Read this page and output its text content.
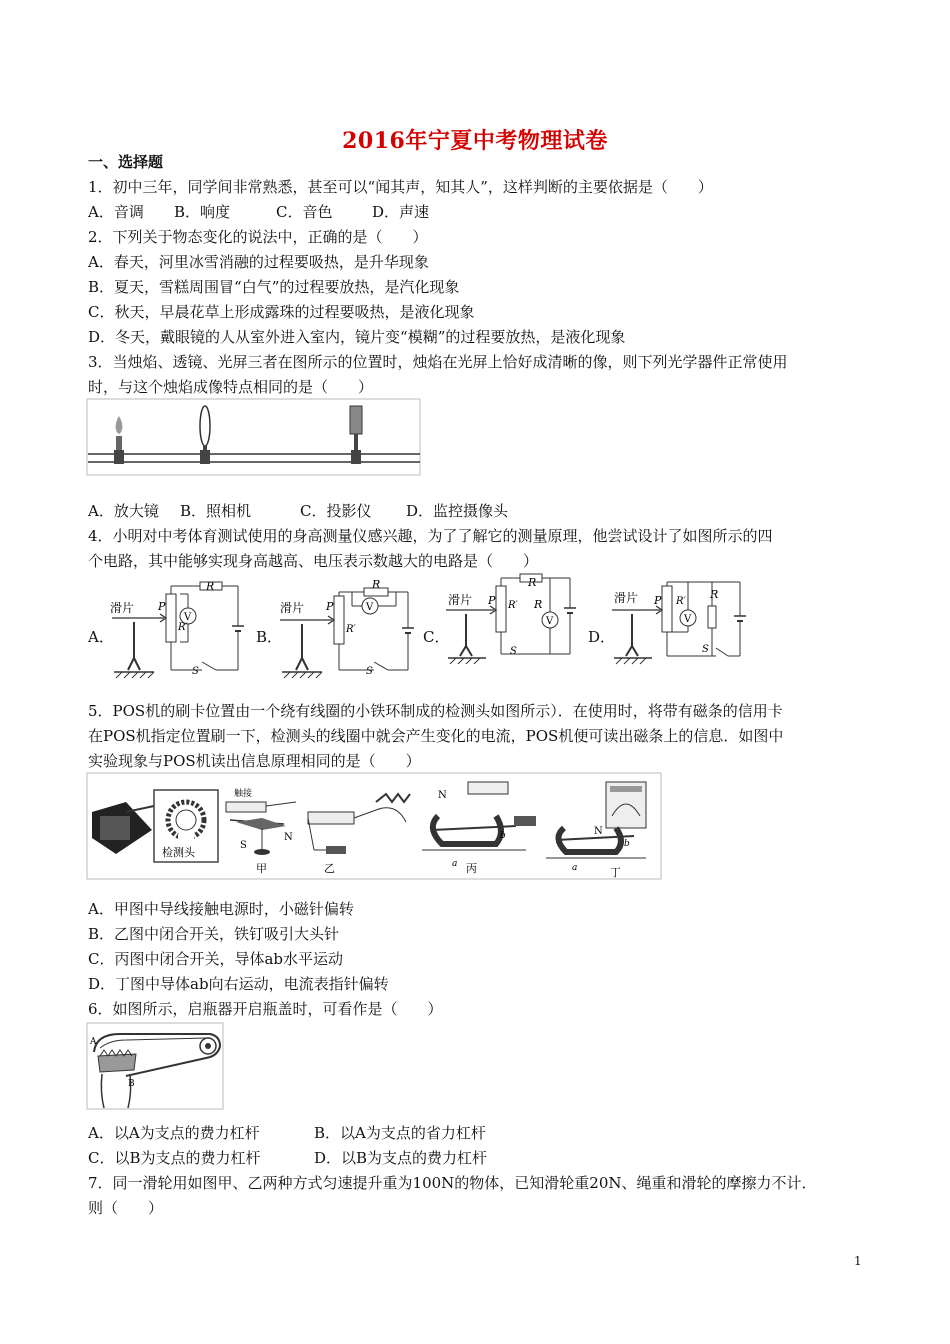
2016年宁夏中考物理试卷
一、选择题
1．初中三年，同学间非常熟悉，甚至可以“闻其声，知其人”，这样判断的主要依据是（　　）
A．音调 B．响度	C．音色	D．声速
2．下列关于物态变化的说法中，正确的是（　　）
A．春天，河里冰雪消融的过程要吸热，是升华现象
B．夏天，雪糕周围冒“白气”的过程要放热，是汽化现象
C．秋天，早晨花草上形成露珠的过程要吸热，是液化现象
D．冬天，戴眼镜的人从室外进入室内，镜片变“模糊”的过程要放热，是液化现象
3．当烛焰、透镜、光屏三者在图所示的位置时，烛焰在光屏上恰好成清晰的像，则下列光学器件正常使用
时，与这个烛焰成像特点相同的是（　　）
A．放大镜 B．照相机	C．投影仪 D．监控摄像头
4．小明对中考体育测试使用的身高测量仪感兴趣，为了了解它的测量原理，他尝试设计了如图所示的四
个电路，其中能够实现身高越高、电压表示数越大的电路是（　　）
A．	B．	C．	D．
滑片 P
R
R′
S
V
滑片 P
R
R′
S
V
滑片 P
R
R′
S
R
V
滑片 P R′
R
S
V
5．POS机的刷卡位置由一个绕有线圈的小铁环制成的检测头如图所示）．在使用时，将带有磁条的信用卡
在POS机指定位置刷一下，检测头的线圈中就会产生变化的电流，POS机便可读出磁条上的信息．如图中
实验现象与POS机读出信息原理相同的是（　　）
检测头
触接
S
N
甲	乙
N
a
b
丙
N
a
b
丁
A．甲图中导线接触电源时，小磁针偏转
B．乙图中闭合开关，铁钉吸引大头针
C．丙图中闭合开关，导体ab水平运动
D．丁图中导体ab向右运动，电流表指针偏转
6．如图所示，启瓶器开启瓶盖时，可看作是（　　）
A
B
A．以A为支点的费力杠杆	B．以A为支点的省力杠杆
C．以B为支点的费力杠杆	D．以B为支点的费力杠杆
7．同一滑轮用如图甲、乙两种方式匀速提升重为100N的物体，已知滑轮重20N、绳重和滑轮的摩擦力不计．
则（　　）
1
